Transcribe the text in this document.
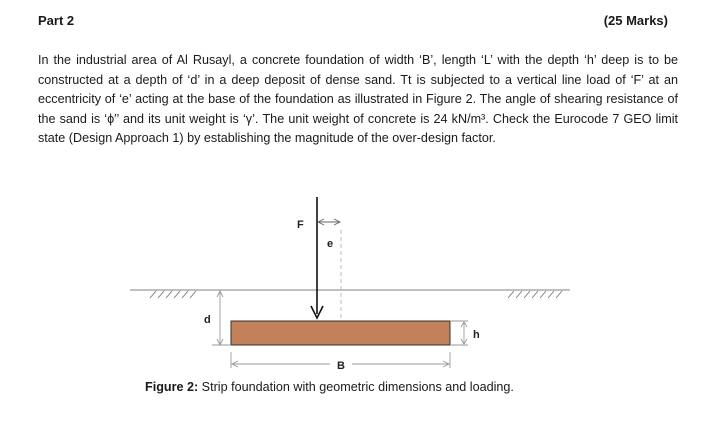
Part 2	(25 Marks)

In the industrial area of Al Rusayl, a concrete foundation of width ‘B’, length ‘L’ with the depth ‘h’ deep is to be constructed at a depth of ‘d’ in a deep deposit of dense sand. Tt is subjected to a vertical line load of ‘F’ at an eccentricity of ‘e’ acting at the base of the foundation as illustrated in Figure 2. The angle of shearing resistance of the sand is ‘ϕ′’ and its unit weight is ‘γ’. The unit weight of concrete is 24 kN/m³. Check the Eurocode 7 GEO limit state (Design Approach 1) by establishing the magnitude of the over-design factor.

F
e
d
h
B
Figure 2: Strip foundation with geometric dimensions and loading.
